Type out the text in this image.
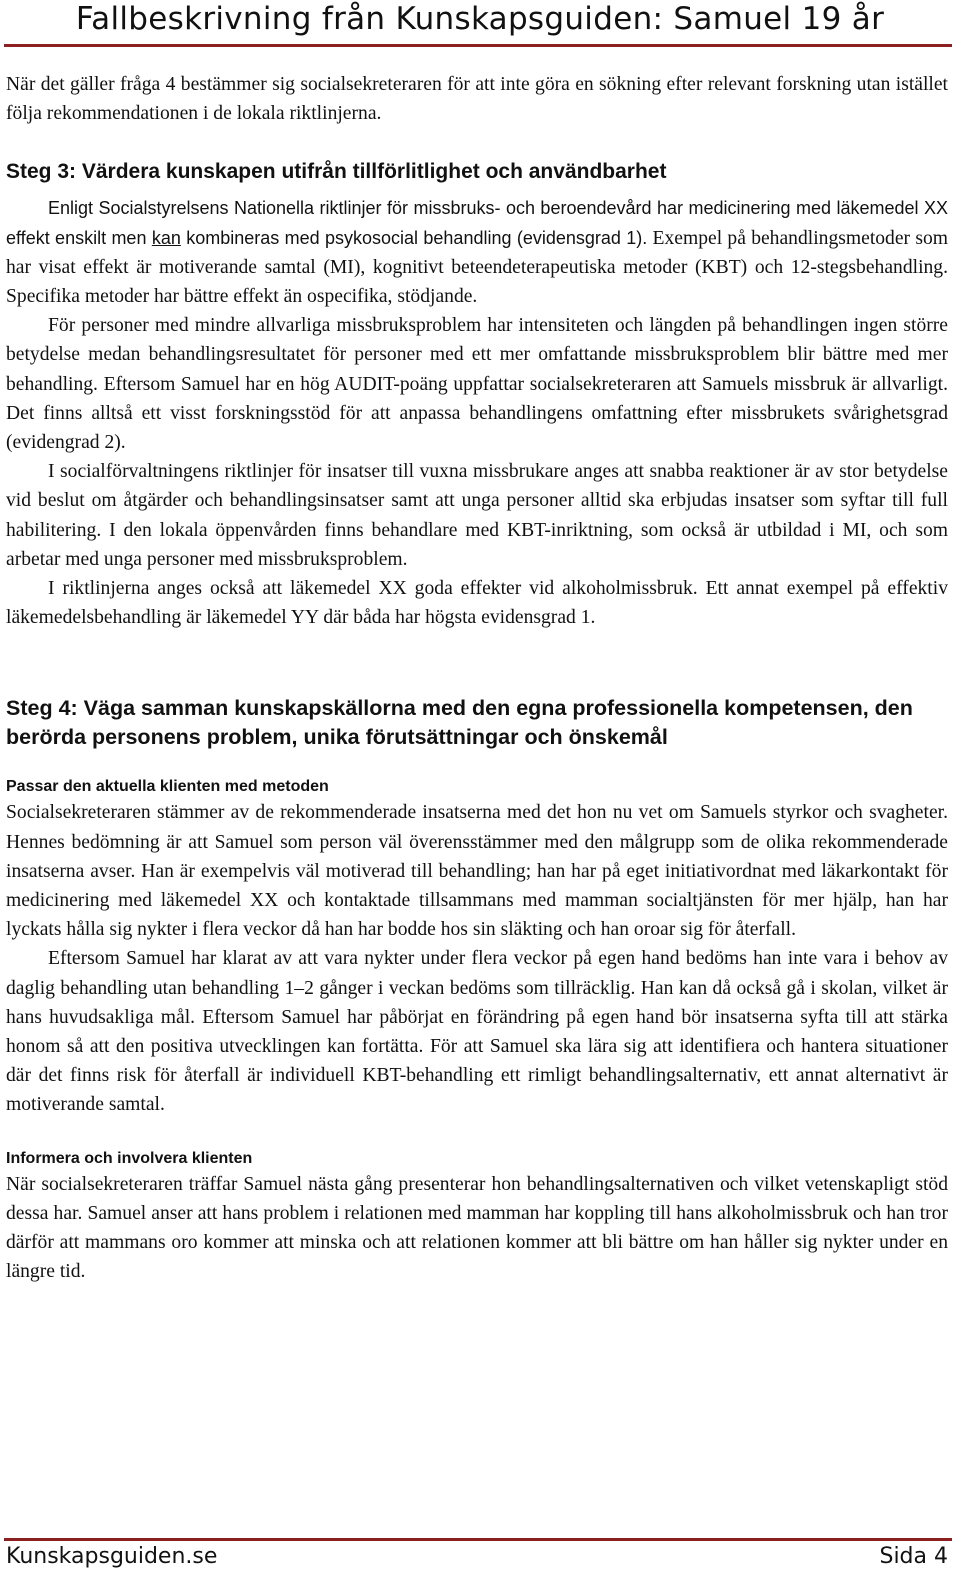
Fallbeskrivning från Kunskapsguiden: Samuel 19 år

När det gäller fråga 4 bestämmer sig socialsekreteraren för att inte göra en sökning efter relevant forskning utan istället följa rekommendationen i de lokala riktlinjerna.

Steg 3: Värdera kunskapen utifrån tillförlitlighet och användbarhet

Enligt Socialstyrelsens Nationella riktlinjer för missbruks- och beroendevård har medicinering med läkemedel XX effekt enskilt men kan kombineras med psykosocial behandling (evidensgrad 1). Exempel på behandlingsmetoder som har visat effekt är motiverande samtal (MI), kognitivt beteendeterapeutiska metoder (KBT) och 12-stegsbehandling. Specifika metoder har bättre effekt än ospecifika, stödjande.

För personer med mindre allvarliga missbruksproblem har intensiteten och längden på behandlingen ingen större betydelse medan behandlingsresultatet för personer med ett mer omfattande missbruksproblem blir bättre med mer behandling. Eftersom Samuel har en hög AUDIT-poäng uppfattar socialsekreteraren att Samuels missbruk är allvarligt. Det finns alltså ett visst forskningsstöd för att anpassa behandlingens omfattning efter missbrukets svårighetsgrad (evidengrad 2).

I socialförvaltningens riktlinjer för insatser till vuxna missbrukare anges att snabba reaktioner är av stor betydelse vid beslut om åtgärder och behandlingsinsatser samt att unga personer alltid ska erbjudas insatser som syftar till full habilitering. I den lokala öppenvården finns behandlare med KBT-inriktning, som också är utbildad i MI, och som arbetar med unga personer med missbruksproblem.

I riktlinjerna anges också att läkemedel XX goda effekter vid alkoholmissbruk. Ett annat exempel på effektiv läkemedelsbehandling är läkemedel YY där båda har högsta evidensgrad 1.

Steg 4: Väga samman kunskapskällorna med den egna professionella kompetensen, den berörda personens problem, unika förutsättningar och önskemål

Passar den aktuella klienten med metoden

Socialsekreteraren stämmer av de rekommenderade insatserna med det hon nu vet om Samuels styrkor och svagheter. Hennes bedömning är att Samuel som person väl överensstämmer med den målgrupp som de olika rekommenderade insatserna avser. Han är exempelvis väl motiverad till behandling; han har på eget initiativordnat med läkarkontakt för medicinering med läkemedel XX och kontaktade tillsammans med mamman socialtjänsten för mer hjälp, han har lyckats hålla sig nykter i flera veckor då han har bodde hos sin släkting och han oroar sig för återfall.

Eftersom Samuel har klarat av att vara nykter under flera veckor på egen hand bedöms han inte vara i behov av daglig behandling utan behandling 1–2 gånger i veckan bedöms som tillräcklig. Han kan då också gå i skolan, vilket är hans huvudsakliga mål. Eftersom Samuel har påbörjat en förändring på egen hand bör insatserna syfta till att stärka honom så att den positiva utvecklingen kan fortätta. För att Samuel ska lära sig att identifiera och hantera situationer där det finns risk för återfall är individuell KBT-behandling ett rimligt behandlingsalternativ, ett annat alternativt är motiverande samtal.

Informera och involvera klienten

När socialsekreteraren träffar Samuel nästa gång presenterar hon behandlingsalternativen och vilket vetenskapligt stöd dessa har. Samuel anser att hans problem i relationen med mamman har koppling till hans alkoholmissbruk och han tror därför att mammans oro kommer att minska och att relationen kommer att bli bättre om han håller sig nykter under en längre tid.

Kunskapsguiden.se	Sida 4
